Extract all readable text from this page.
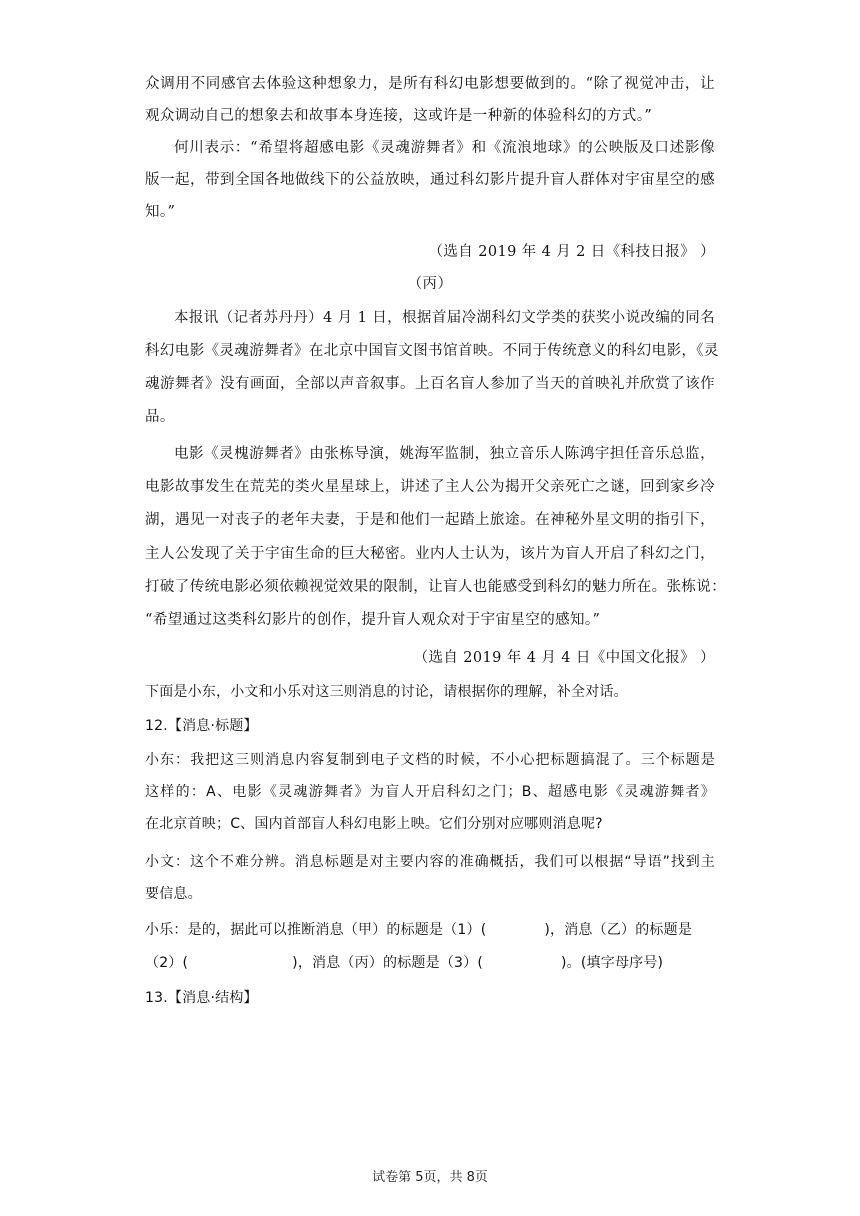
众调用不同感官去体验这种想象力，是所有科幻电影想要做到的。“除了视觉冲击，让
观众调动自己的想象去和故事本身连接，这或许是一种新的体验科幻的方式。”
何川表示：“希望将超感电影《灵魂游舞者》和《流浪地球》的公映版及口述影像
版一起，带到全国各地做线下的公益放映，通过科幻影片提升盲人群体对宇宙星空的感
知。”
（选自 2019 年 4 月 2 日《科技日报》 ）
（丙）
本报讯（记者苏丹丹）4 月 1 日，根据首届冷湖科幻文学类的获奖小说改编的同名
科幻电影《灵魂游舞者》在北京中国盲文图书馆首映。不同于传统意义的科幻电影，《灵
魂游舞者》没有画面，全部以声音叙事。上百名盲人参加了当天的首映礼并欣赏了该作
品。
电影《灵槐游舞者》由张栋导演，姚海军监制，独立音乐人陈鸿宇担任音乐总监，
电影故事发生在荒芜的类火星星球上，讲述了主人公为揭开父亲死亡之谜，回到家乡冷
湖，遇见一对丧子的老年夫妻，于是和他们一起踏上旅途。在神秘外星文明的指引下，
主人公发现了关于宇宙生命的巨大秘密。业内人士认为，该片为盲人开启了科幻之门，
打破了传统电影必须依赖视觉效果的限制，让盲人也能感受到科幻的魅力所在。张栋说：
“希望通过这类科幻影片的创作，提升盲人观众对于宇宙星空的感知。”
（选自 2019 年 4 月 4 日《中国文化报》 ）
下面是小东，小文和小乐对这三则消息的讨论，请根据你的理解，补全对话。
12.【消息·标题】
小东：我把这三则消息内容复制到电子文档的时候，不小心把标题搞混了。三个标题是
这样的：A、电影《灵魂游舞者》为盲人开启科幻之门；B、超感电影《灵魂游舞者》
在北京首映；C、国内首部盲人科幻电影上映。它们分别对应哪则消息呢?
小文：这个不难分辨。消息标题是对主要内容的准确概括，我们可以根据“导语”找到主
要信息。
小乐：是的，据此可以推断消息（甲）的标题是（1）(	)，消息（乙）的标题是
（2）(	)，消息（丙）的标题是（3）(	)。(填字母序号)
13.【消息·结构】
试卷第 5页，共 8页
